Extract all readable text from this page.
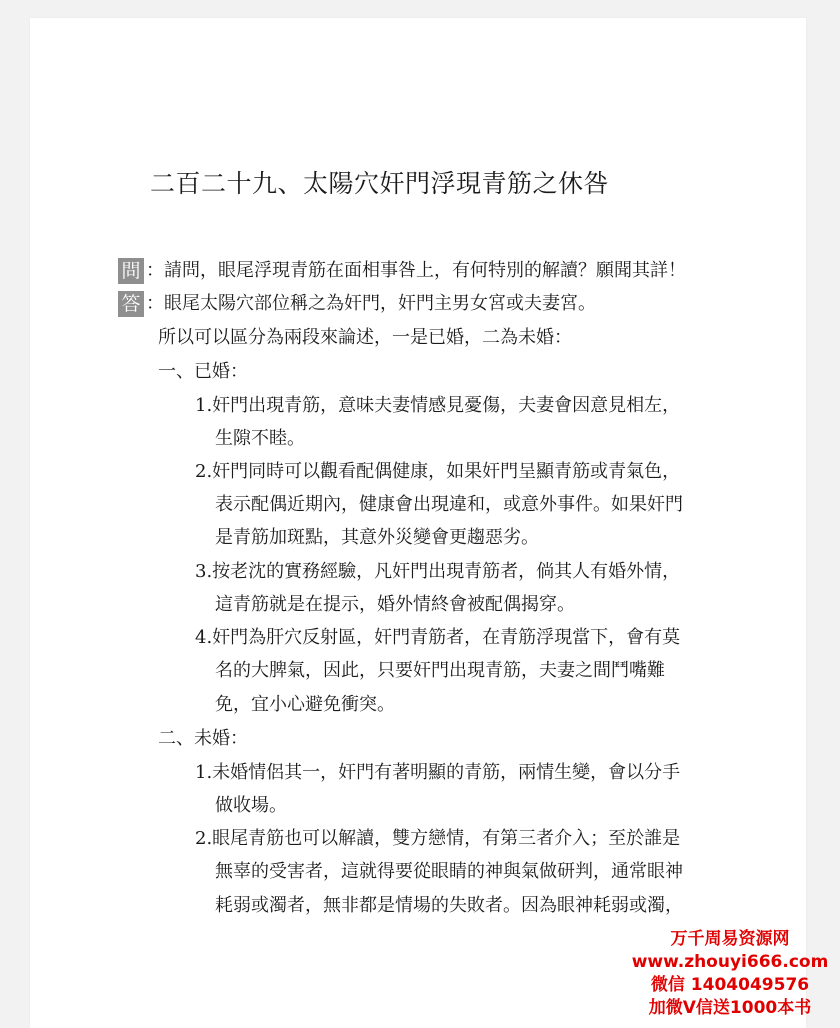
二百二十九、太陽穴奸門浮現青筋之休咎
問 ：請問，眼尾浮現青筋在面相事咎上，有何特別的解讀？願聞其詳！
答 ：眼尾太陽穴部位稱之為奸門，奸門主男女宮或夫妻宮。
所以可以區分為兩段來論述，一是已婚，二為未婚：
一、已婚：
1.奸門出現青筋，意味夫妻情感見憂傷，夫妻會因意見相左，
生隙不睦。
2.奸門同時可以觀看配偶健康，如果奸門呈顯青筋或青氣色，
表示配偶近期內，健康會出現違和，或意外事件。如果奸門
是青筋加斑點，其意外災變會更趨惡劣。
3.按老沈的實務經驗，凡奸門出現青筋者，倘其人有婚外情，
這青筋就是在提示，婚外情終會被配偶揭穿。
4.奸門為肝穴反射區，奸門青筋者，在青筋浮現當下，會有莫
名的大脾氣，因此，只要奸門出現青筋，夫妻之間鬥嘴難
免，宜小心避免衝突。
二、未婚：
1.未婚情侶其一，奸門有著明顯的青筋，兩情生變，會以分手
做收場。
2.眼尾青筋也可以解讀，雙方戀情，有第三者介入；至於誰是
無辜的受害者，這就得要從眼睛的神與氣做研判，通常眼神
耗弱或濁者，無非都是情場的失敗者。因為眼神耗弱或濁，
万千周易资源网
www.zhouyi666.com
微信 1404049576
加微V信送1000本书
